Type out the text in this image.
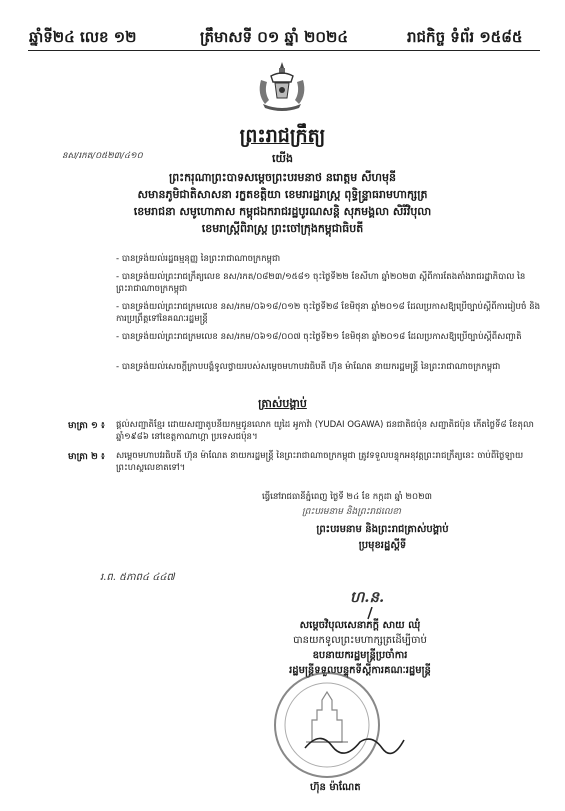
ឆ្នាំទី២៤ លេខ ១២	ត្រឹមាសទី ០១ ឆ្នាំ ២០២៤	រាជកិច្ច ទំព័រ ១៥៨៥
ព្រះរាជក្រឹត្យ
នស/រកត/០៥២៣/៤១០	យើង
ព្រះករុណាព្រះបាទសម្តេចព្រះបរមនាថ នរោត្តម សីហមុនី
សមានភូមិជាតិសាសនា រក្ខតខត្តិយា ខេមរារដ្ឋរាស្ត្រ ពុទ្ធិន្ទ្រាធរាមហាក្សត្រ
ខេមរាជនា សមូហោភាស កម្ពុជឯករាជរដ្ឋបូរណសន្តិ សុភមង្គលា សិរីវិបុលា
ខេមរាស្ត្រីពិរាស្ត្រ ព្រះចៅក្រុងកម្ពុជាធិបតី
- បានទ្រង់យល់រដ្ឋធម្មនុញ្ញ នៃព្រះរាជាណាចក្រកម្ពុជា
- បានទ្រង់យល់ព្រះរាជក្រឹត្យលេខ នស/រកត/០៨២៣/១៥៨១ ចុះថ្ងៃទី២២ ខែសីហា ឆ្នាំ២០២៣ ស្តីពីការតែងតាំងរាជរដ្ឋាភិបាល នៃព្រះរាជាណាចក្រកម្ពុជា
- បានទ្រង់យល់ព្រះរាជក្រមលេខ នស/រកម/០៦១៨/០១២ ចុះថ្ងៃទី២៨ ខែមិថុនា ឆ្នាំ២០១៨ ដែលប្រកាសឱ្យប្រើច្បាប់ស្តីពីការរៀបចំ និងការប្រព្រឹត្តទៅនៃគណៈរដ្ឋមន្ត្រី
- បានទ្រង់យល់ព្រះរាជក្រមលេខ នស/រកម/០៦១៨/០០៧ ចុះថ្ងៃទី២១ ខែមិថុនា ឆ្នាំ២០១៨ ដែលប្រកាសឱ្យប្រើច្បាប់ស្តីពីសញ្ជាតិ
- បានទ្រង់យល់សេចក្តីក្រាបបង្គំទូលថ្វាយរបស់សម្តេចមហាបវរធិបតី ហ៊ុន ម៉ាណែត នាយករដ្ឋមន្ត្រី នៃព្រះរាជាណាចក្រកម្ពុជា
ត្រាស់បង្គាប់
មាត្រា ១ ៖ ផ្តល់សញ្ជាតិខ្មែរ ដោយសញ្ជាតូបនីយកម្មជូនលោក យូដៃ អូកាវ៉ា (YUDAI OGAWA) ជនជាតិជប៉ុន សញ្ជាតិជប៉ុន កើតថ្ងៃទី៨ ខែតុលា ឆ្នាំ១៩៨៦ នៅខេត្តកាណាហ្គា ប្រទេសជប៉ុន។
មាត្រា ២ ៖ សម្តេចមហាបវរធិបតី ហ៊ុន ម៉ាណែត នាយករដ្ឋមន្ត្រី នៃព្រះរាជាណាចក្រកម្ពុជា ត្រូវទទួលបន្ទុកអនុវត្តព្រះរាជក្រឹត្យនេះ ចាប់ពីថ្ងៃឡាយព្រះហស្ថលេខាតទៅ។
ធ្វើនៅរាជធានីភ្នំពេញ ថ្ងៃទី ២៤ ខែ កក្កដា ឆ្នាំ ២០២៣
ព្រះបរមនាម និងព្រះរាជលេខា
ព្រះបរមនាម និងព្រះរាជត្រាស់បង្គាប់
ប្រមុខរដ្ឋស្តីទី
រ.ព. ៥ភាព៤ ៤៤៧
ហ.ន.
សម្តេចវិបុលសេនាភក្តី សាយ ឈុំ
បានយកទូលព្រះមហាក្សត្រដើម្បីចាប់
ឧបនាយករដ្ឋមន្ត្រីប្រចាំការ
រដ្ឋមន្ត្រីទទួលបន្ទុកទីស្តីការគណៈរដ្ឋមន្ត្រី
ហ៊ុន ម៉ាណែត
